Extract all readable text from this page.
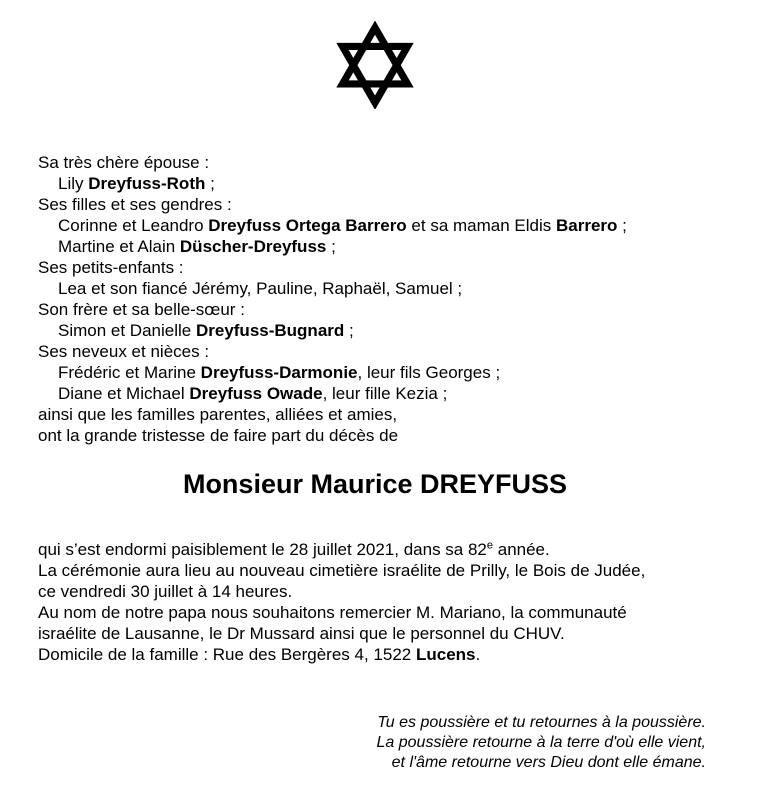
Sa très chère épouse :
Lily Dreyfuss-Roth ;
Ses filles et ses gendres :
Corinne et Leandro Dreyfuss Ortega Barrero et sa maman Eldis Barrero ;
Martine et Alain Düscher-Dreyfuss ;
Ses petits-enfants :
Lea et son fiancé Jérémy, Pauline, Raphaël, Samuel ;
Son frère et sa belle-sœur :
Simon et Danielle Dreyfuss-Bugnard ;
Ses neveux et nièces :
Frédéric et Marine Dreyfuss-Darmonie, leur fils Georges ;
Diane et Michael Dreyfuss Owade, leur fille Kezia ;
ainsi que les familles parentes, alliées et amies,
ont la grande tristesse de faire part du décès de
Monsieur Maurice DREYFUSS
qui s’est endormi paisiblement le 28 juillet 2021, dans sa 82e année.
La cérémonie aura lieu au nouveau cimetière israélite de Prilly, le Bois de Judée,
ce vendredi 30 juillet à 14 heures.
Au nom de notre papa nous souhaitons remercier M. Mariano, la communauté
israélite de Lausanne, le Dr Mussard ainsi que le personnel du CHUV.
Domicile de la famille : Rue des Bergères 4, 1522 Lucens.
Tu es poussière et tu retournes à la poussière.
La poussière retourne à la terre d'où elle vient,
et l'âme retourne vers Dieu dont elle émane.
